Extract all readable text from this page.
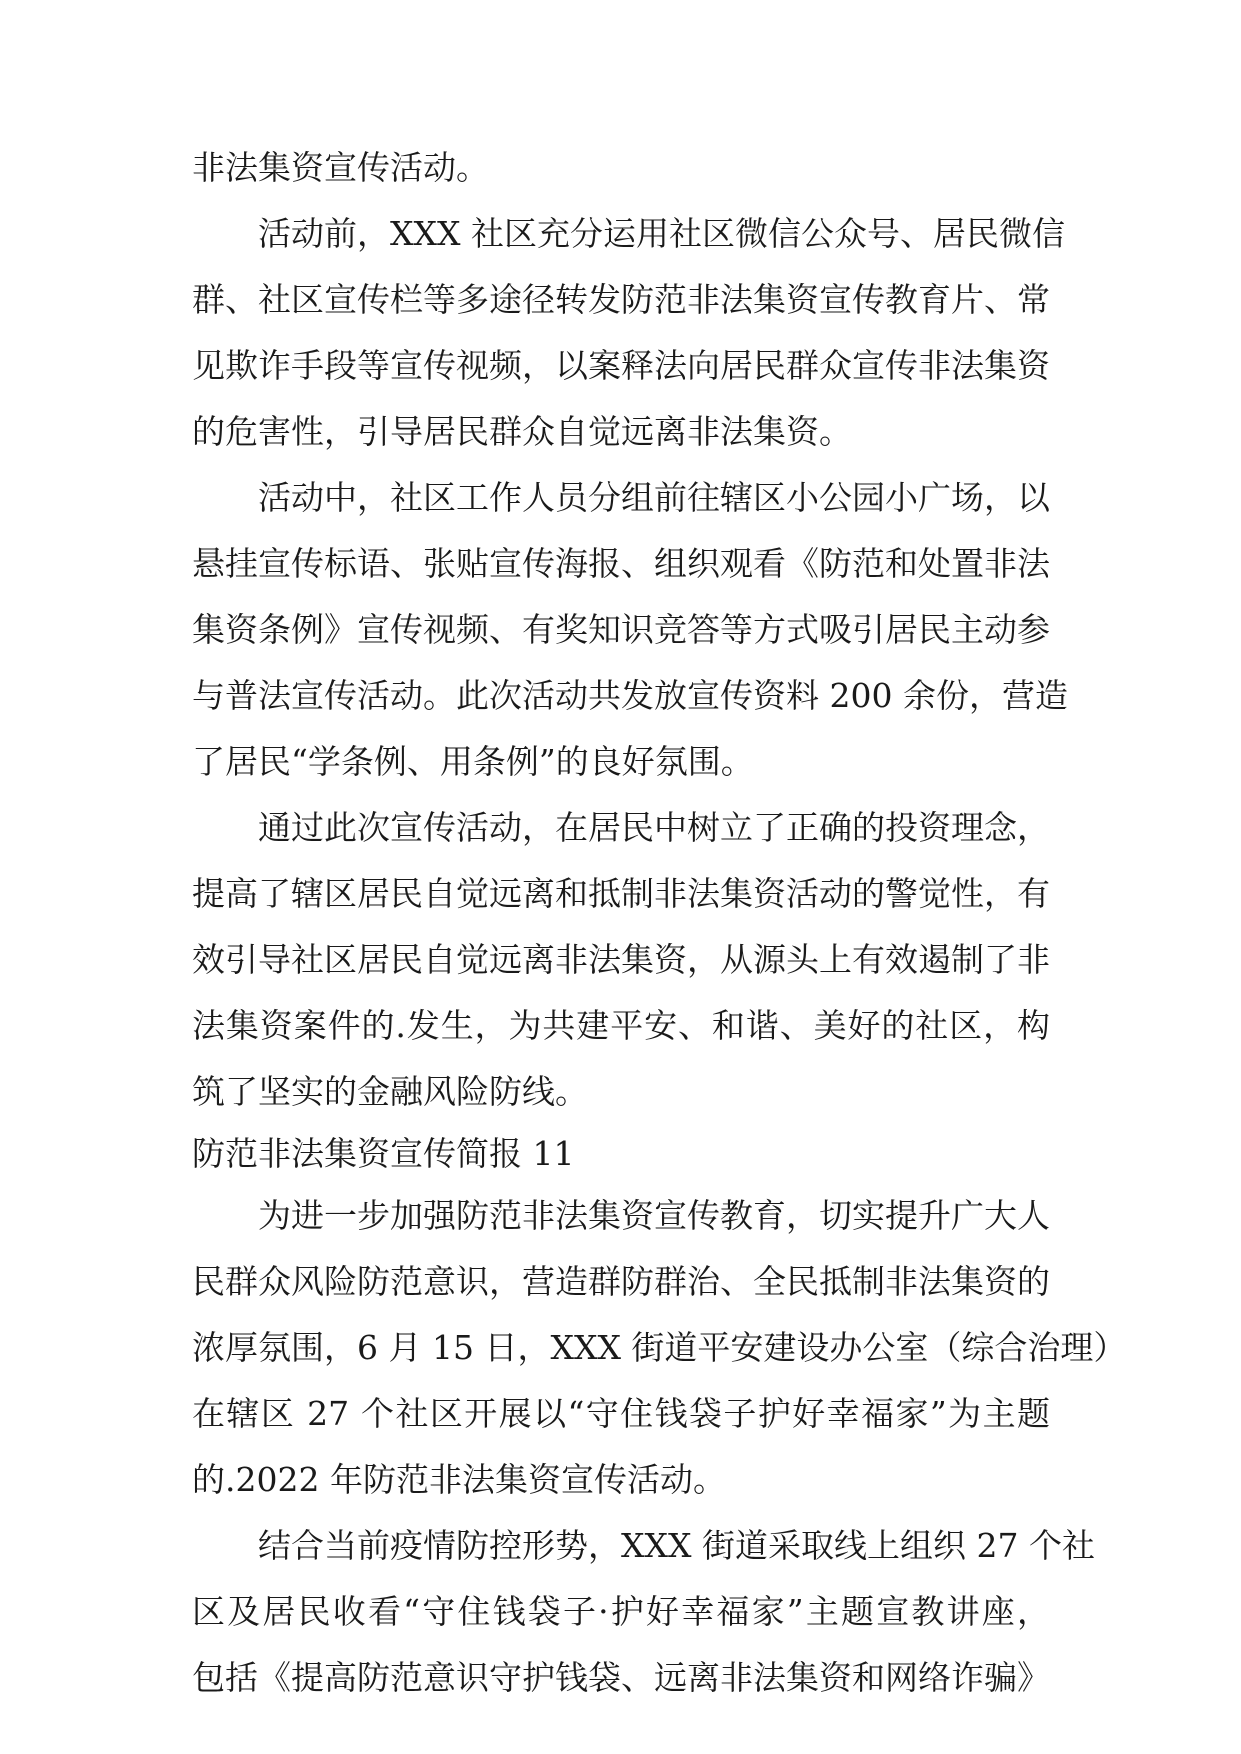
非法集资宣传活动。
活动前，XXX 社区充分运用社区微信公众号、居民微信
群、社区宣传栏等多途径转发防范非法集资宣传教育片、常
见欺诈手段等宣传视频，以案释法向居民群众宣传非法集资
的危害性，引导居民群众自觉远离非法集资。
活动中，社区工作人员分组前往辖区小公园小广场，以
悬挂宣传标语、张贴宣传海报、组织观看《防范和处置非法
集资条例》宣传视频、有奖知识竞答等方式吸引居民主动参
与普法宣传活动。此次活动共发放宣传资料 200 余份，营造
了居民“学条例、用条例”的良好氛围。
通过此次宣传活动，在居民中树立了正确的投资理念，
提高了辖区居民自觉远离和抵制非法集资活动的警觉性，有
效引导社区居民自觉远离非法集资，从源头上有效遏制了非
法集资案件的.发生，为共建平安、和谐、美好的社区，构
筑了坚实的金融风险防线。
防范非法集资宣传简报 11
为进一步加强防范非法集资宣传教育，切实提升广大人
民群众风险防范意识，营造群防群治、全民抵制非法集资的
浓厚氛围，6 月 15 日，XXX 街道平安建设办公室（综合治理）
在辖区 27 个社区开展以“守住钱袋子护好幸福家”为主题
的.2022 年防范非法集资宣传活动。
结合当前疫情防控形势，XXX 街道采取线上组织 27 个社
区及居民收看“守住钱袋子·护好幸福家”主题宣教讲座，
包括《提高防范意识守护钱袋、远离非法集资和网络诈骗》
